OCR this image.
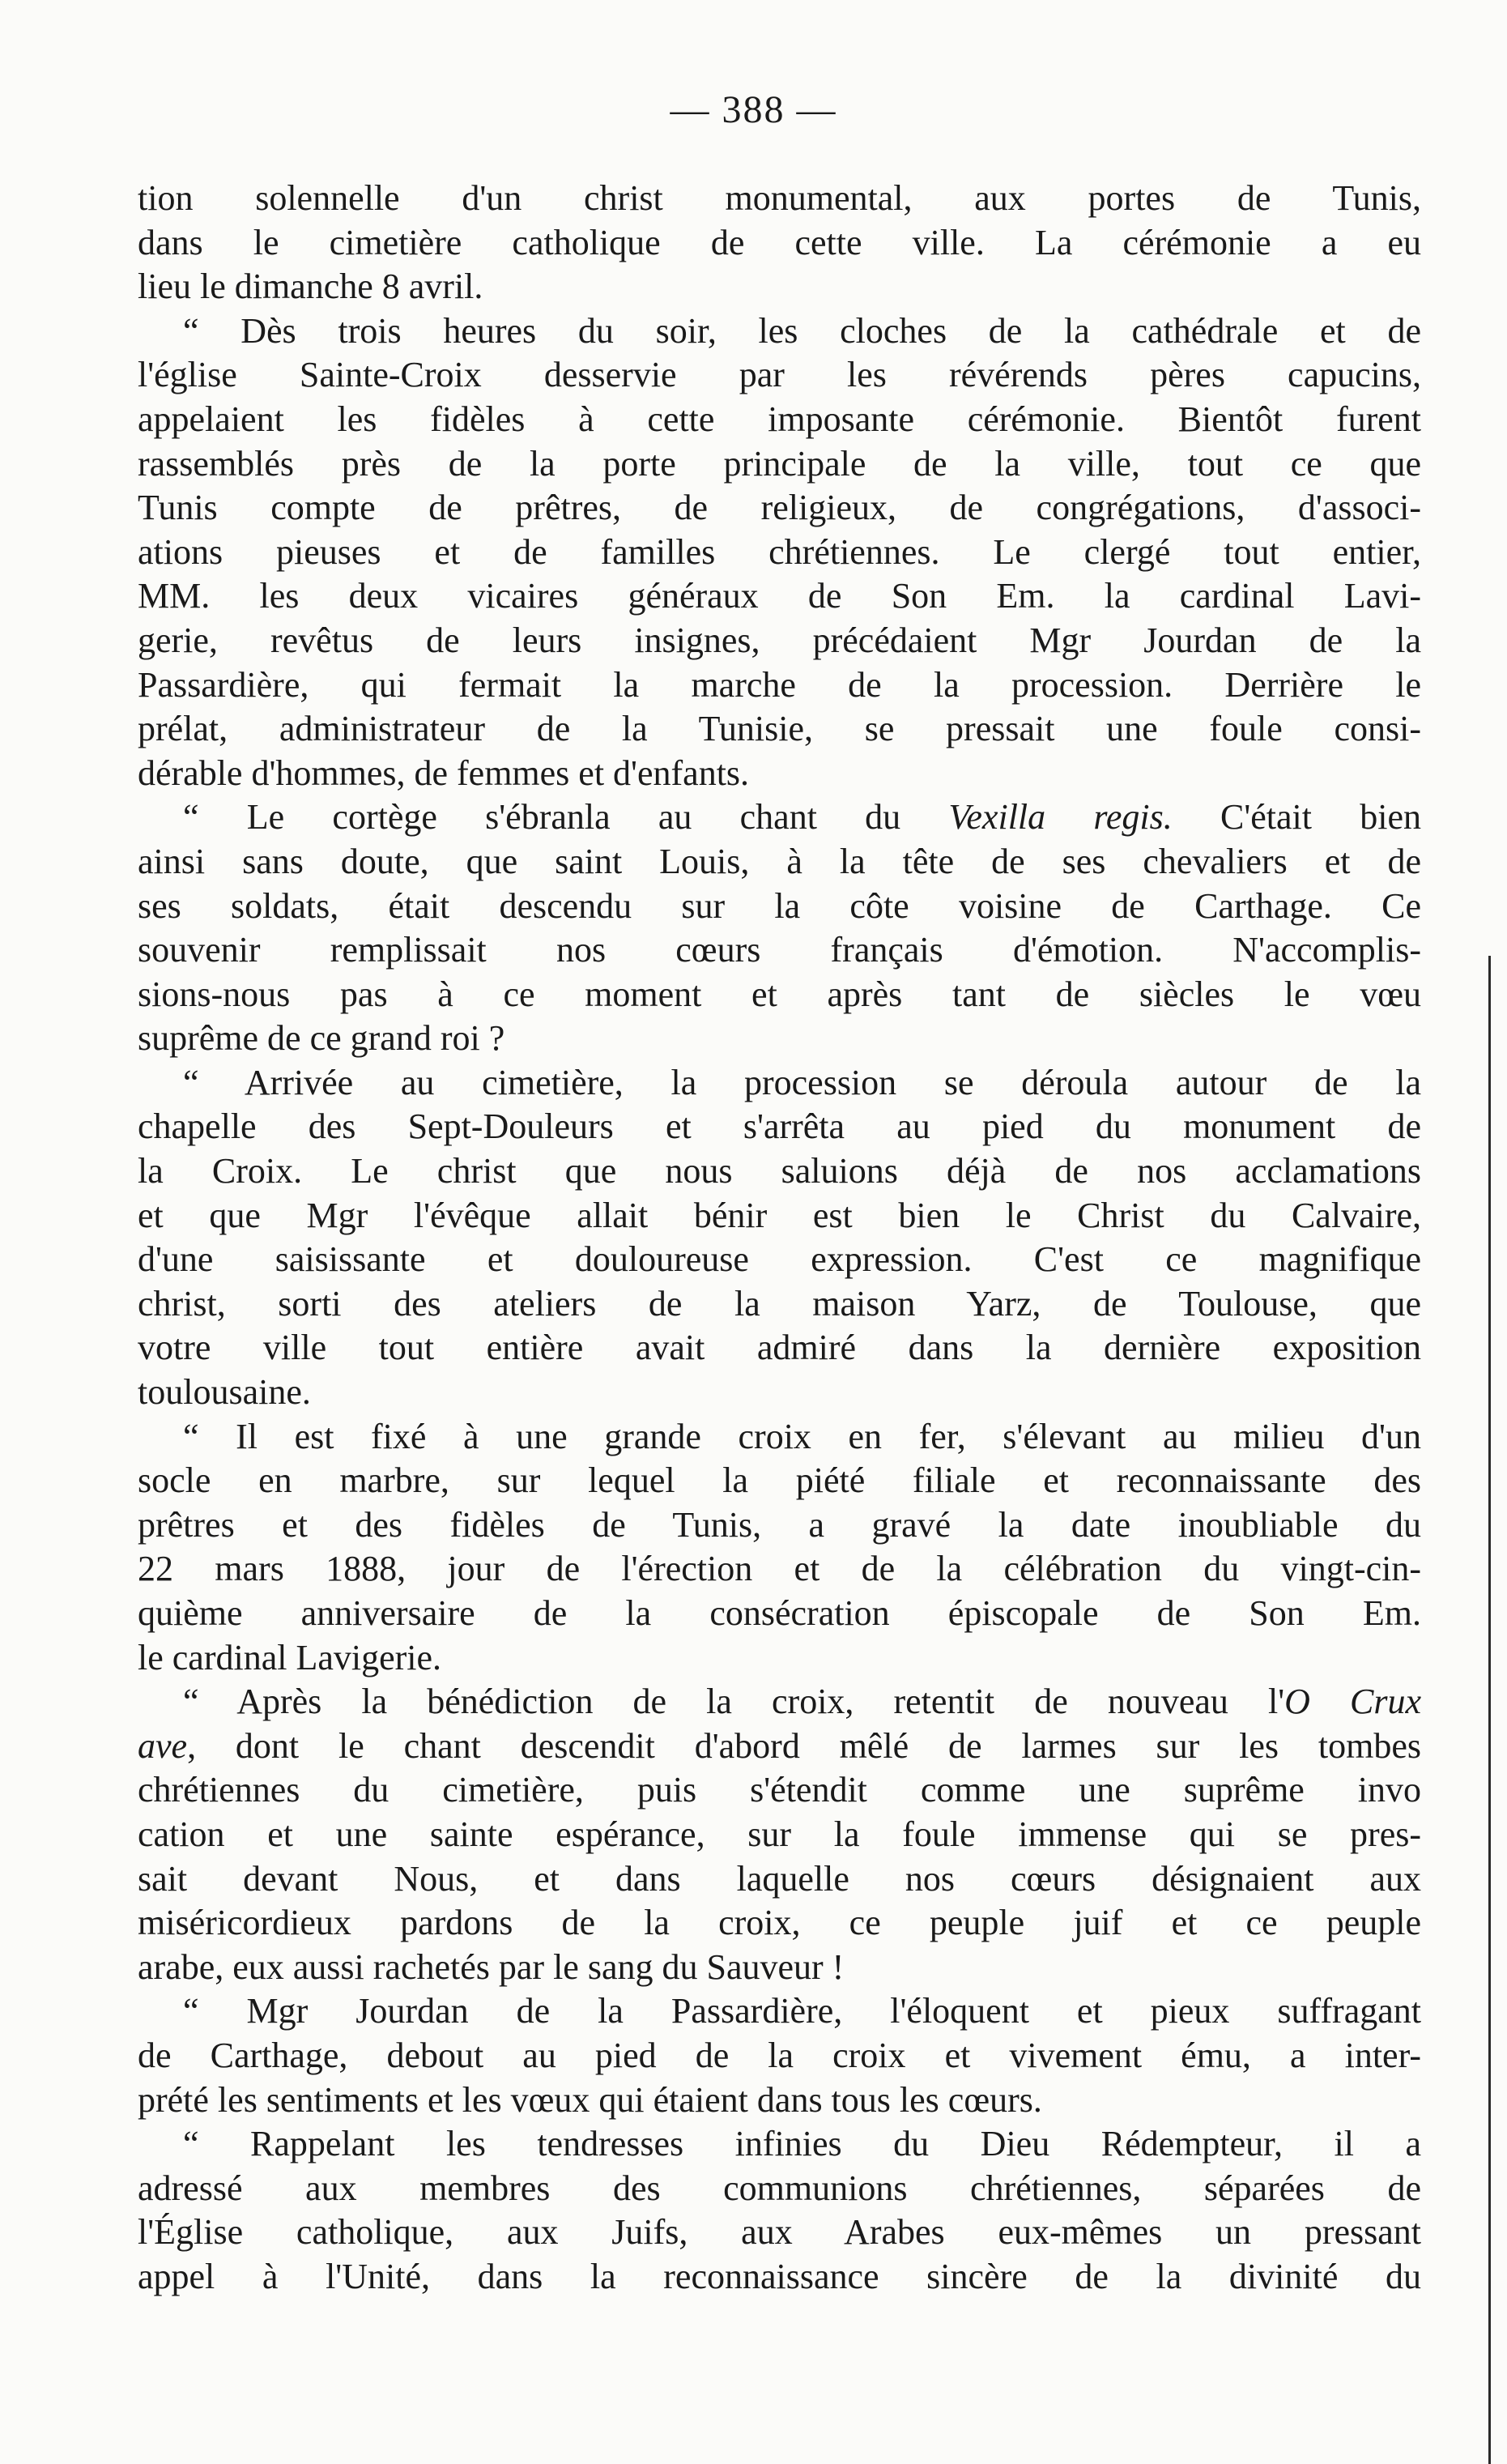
— 388 —
tion solennelle d'un christ monumental, aux portes de Tunis,
dans le cimetière catholique de cette ville. La cérémonie a eu
lieu le dimanche 8 avril.
“ Dès trois heures du soir, les cloches de la cathédrale et de
l'église Sainte-Croix desservie par les révérends pères capucins,
appelaient les fidèles à cette imposante cérémonie. Bientôt furent
rassemblés près de la porte principale de la ville, tout ce que
Tunis compte de prêtres, de religieux, de congrégations, d'associ-
ations pieuses et de familles chrétiennes. Le clergé tout entier,
MM. les deux vicaires généraux de Son Em. la cardinal Lavi-
gerie, revêtus de leurs insignes, précédaient Mgr Jourdan de la
Passardière, qui fermait la marche de la procession. Derrière le
prélat, administrateur de la Tunisie, se pressait une foule consi-
dérable d'hommes, de femmes et d'enfants.
“ Le cortège s'ébranla au chant du Vexilla regis. C'était bien
ainsi sans doute, que saint Louis, à la tête de ses chevaliers et de
ses soldats, était descendu sur la côte voisine de Carthage. Ce
souvenir remplissait nos cœurs français d'émotion. N'accomplis-
sions-nous pas à ce moment et après tant de siècles le vœu
suprême de ce grand roi ?
“ Arrivée au cimetière, la procession se déroula autour de la
chapelle des Sept-Douleurs et s'arrêta au pied du monument de
la Croix. Le christ que nous saluions déjà de nos acclamations
et que Mgr l'évêque allait bénir est bien le Christ du Calvaire,
d'une saisissante et douloureuse expression. C'est ce magnifique
christ, sorti des ateliers de la maison Yarz, de Toulouse, que
votre ville tout entière avait admiré dans la dernière exposition
toulousaine.
“ Il est fixé à une grande croix en fer, s'élevant au milieu d'un
socle en marbre, sur lequel la piété filiale et reconnaissante des
prêtres et des fidèles de Tunis, a gravé la date inoubliable du
22 mars 1888, jour de l'érection et de la célébration du vingt-cin-
quième anniversaire de la consécration épiscopale de Son Em.
le cardinal Lavigerie.
“ Après la bénédiction de la croix, retentit de nouveau l'O Crux
ave, dont le chant descendit d'abord mêlé de larmes sur les tombes
chrétiennes du cimetière, puis s'étendit comme une suprême invo
cation et une sainte espérance, sur la foule immense qui se pres-
sait devant Nous, et dans laquelle nos cœurs désignaient aux
miséricordieux pardons de la croix, ce peuple juif et ce peuple
arabe, eux aussi rachetés par le sang du Sauveur !
“ Mgr Jourdan de la Passardière, l'éloquent et pieux suffragant
de Carthage, debout au pied de la croix et vivement ému, a inter-
prété les sentiments et les vœux qui étaient dans tous les cœurs.
“ Rappelant les tendresses infinies du Dieu Rédempteur, il a
adressé aux membres des communions chrétiennes, séparées de
l'Église catholique, aux Juifs, aux Arabes eux-mêmes un pressant
appel à l'Unité, dans la reconnaissance sincère de la divinité du
